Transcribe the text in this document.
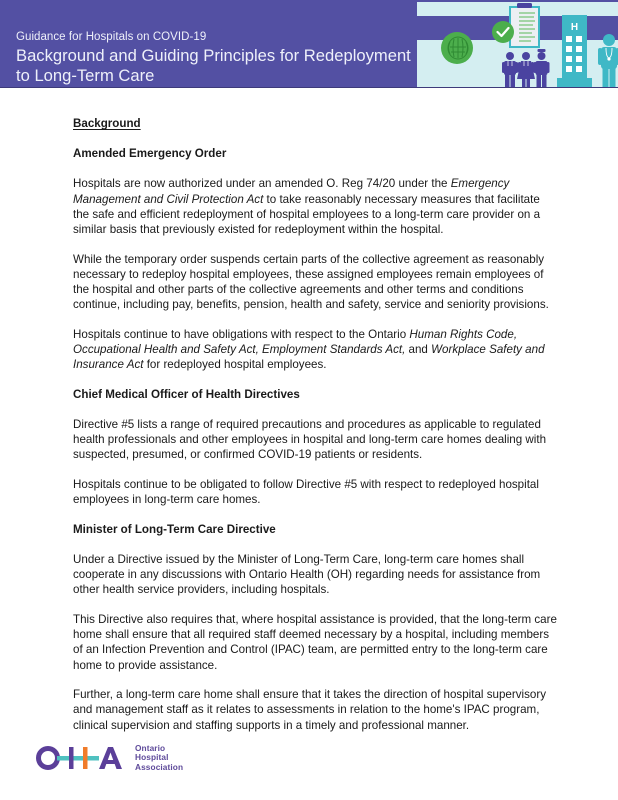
Guidance for Hospitals on COVID-19
Background and Guiding Principles for Redeployment to Long-Term Care
H
Background
Amended Emergency Order

Hospitals are now authorized under an amended O. Reg 74/20 under the Emergency Management and Civil Protection Act to take reasonably necessary measures that facilitate the safe and efficient redeployment of hospital employees to a long-term care provider on a similar basis that previously existed for redeployment within the hospital.

While the temporary order suspends certain parts of the collective agreement as reasonably necessary to redeploy hospital employees, these assigned employees remain employees of the hospital and other parts of the collective agreements and other terms and conditions continue, including pay, benefits, pension, health and safety, service and seniority provisions.

Hospitals continue to have obligations with respect to the Ontario Human Rights Code, Occupational Health and Safety Act, Employment Standards Act, and Workplace Safety and Insurance Act for redeployed hospital employees.

Chief Medical Officer of Health Directives

Directive #5 lists a range of required precautions and procedures as applicable to regulated health professionals and other employees in hospital and long-term care homes dealing with suspected, presumed, or confirmed COVID-19 patients or residents.

Hospitals continue to be obligated to follow Directive #5 with respect to redeployed hospital employees in long-term care homes.

Minister of Long-Term Care Directive

Under a Directive issued by the Minister of Long-Term Care, long-term care homes shall cooperate in any discussions with Ontario Health (OH) regarding needs for assistance from other health service providers, including hospitals.

This Directive also requires that, where hospital assistance is provided, that the long-term care home shall ensure that all required staff deemed necessary by a hospital, including members of an Infection Prevention and Control (IPAC) team, are permitted entry to the long-term care home to provide assistance.

Further, a long-term care home shall ensure that it takes the direction of hospital supervisory and management staff as it relates to assessments in relation to the home's IPAC program, clinical supervision and staffing supports in a timely and professional manner.

Ontario
Hospital
Association
